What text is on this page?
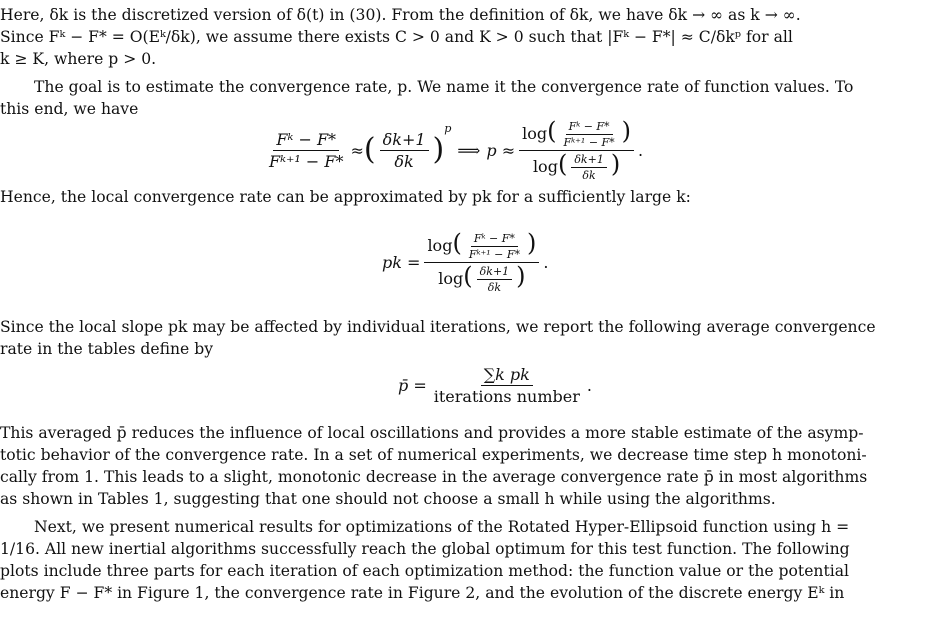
Here, δk is the discretized version of δ(t) in (30). From the definition of δk, we have δk → ∞ as k → ∞.
Since Fᵏ − F* = O(Eᵏ/δk), we assume there exists C > 0 and K > 0 such that |Fᵏ − F*| ≈ C/δkᵖ for all
k ≥ K, where p > 0.
The goal is to estimate the convergence rate, p. We name it the convergence rate of function values. To
this end, we have
$\frac{\text{Fᵏ − F*}}{\text{Fᵏ⁺¹ − F*}}$ ≈ ( $\frac{\delta k+1}{\delta k}$ )
p
⟹ $p \approx \frac{\log( \frac{\text{Fᵏ − F*}}{\text{Fᵏ⁺¹ − F*}} )}{\log( \frac{\delta k+1}{\delta k} )}$ .
Hence, the local convergence rate can be approximated by pk for a sufficiently large k:
pk = $\frac{\log( \frac{\text{Fᵏ − F*}}{\text{Fᵏ⁺¹ − F*}} )}{\log( \frac{\delta k+1}{\delta k} )}$ .
Since the local slope pk may be affected by individual iterations, we report the following average convergence
rate in the tables define by
p̄ = $\frac{\text{∑k pk}}{\text{iterations number}}$ .
This averaged p̄ reduces the influence of local oscillations and provides a more stable estimate of the asymp-
totic behavior of the convergence rate. In a set of numerical experiments, we decrease time step h monotoni-
cally from 1. This leads to a slight, monotonic decrease in the average convergence rate p̄ in most algorithms
as shown in Tables 1, suggesting that one should not choose a small h while using the algorithms.
Next, we present numerical results for optimizations of the Rotated Hyper-Ellipsoid function using h =
1/16. All new inertial algorithms successfully reach the global optimum for this test function. The following
plots include three parts for each iteration of each optimization method: the function value or the potential
energy F − F* in Figure 1, the convergence rate in Figure 2, and the evolution of the discrete energy Eᵏ in
